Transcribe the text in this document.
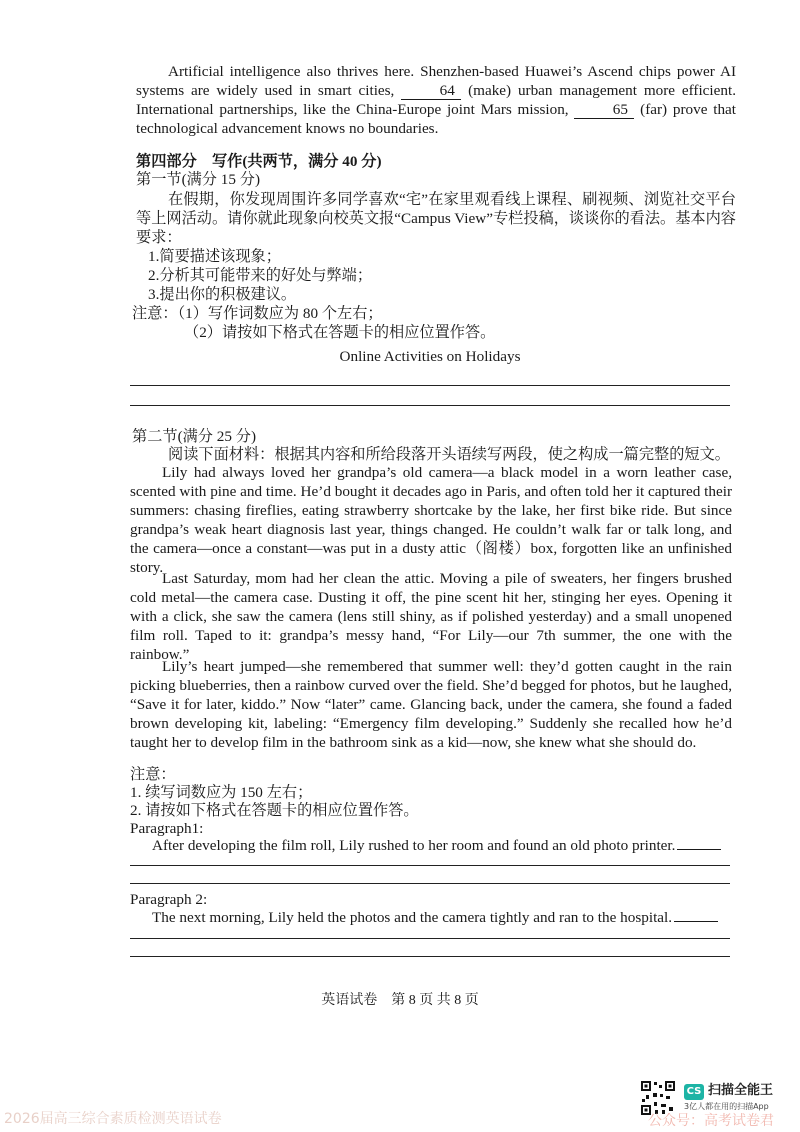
Artificial intelligence also thrives here. Shenzhen-based Huawei’s Ascend chips power AI systems are widely used in smart cities,	64 (make) urban management more efficient. International partnerships, like the China-Europe joint Mars mission,	65 (far) prove that technological advancement knows no boundaries.
第四部分　写作(共两节，满分 40 分)
第一节(满分 15 分)
在假期，你发现周围许多同学喜欢“宅”在家里观看线上课程、刷视频、浏览社交平台等上网活动。请你就此现象向校英文报“Campus View”专栏投稿，谈谈你的看法。基本内容要求：
1.简要描述该现象；
2.分析其可能带来的好处与弊端；
3.提出你的积极建议。
注意：（1）写作词数应为 80 个左右；
（2）请按如下格式在答题卡的相应位置作答。
Online Activities on Holidays
第二节(满分 25 分)
阅读下面材料：根据其内容和所给段落开头语续写两段，使之构成一篇完整的短文。
Lily had always loved her grandpa’s old camera—a black model in a worn leather case, scented with pine and time. He’d bought it decades ago in Paris, and often told her it captured their summers: chasing fireflies, eating strawberry shortcake by the lake, her first bike ride. But since grandpa’s weak heart diagnosis last year, things changed. He couldn’t walk far or talk long, and the camera—once a constant—was put in a dusty attic（阁楼）box, forgotten like an unfinished story.
Last Saturday, mom had her clean the attic. Moving a pile of sweaters, her fingers brushed cold metal—the camera case. Dusting it off, the pine scent hit her, stinging her eyes. Opening it with a click, she saw the camera (lens still shiny, as if polished yesterday) and a small unopened film roll. Taped to it: grandpa’s messy hand, “For Lily—our 7th summer, the one with the rainbow.”
Lily’s heart jumped—she remembered that summer well: they’d gotten caught in the rain picking blueberries, then a rainbow curved over the field. She’d begged for photos, but he laughed, “Save it for later, kiddo.” Now “later” came. Glancing back, under the camera, she found a faded brown developing kit, labeling: “Emergency film developing.” Suddenly she recalled how he’d taught her to develop film in the bathroom sink as a kid—now, she knew what she should do.
注意：
1. 续写词数应为 150 左右；
2. 请按如下格式在答题卡的相应位置作答。
Paragraph1:
After developing the film roll, Lily rushed to her room and found an old photo printer.
Paragraph 2:
The next morning, Lily held the photos and the camera tightly and ran to the hospital.
英语试卷　第 8 页 共 8 页
CS 扫描全能王
3亿人都在用的扫描App
2026届高三综合素质检测英语试卷	公众号：高考试卷君
